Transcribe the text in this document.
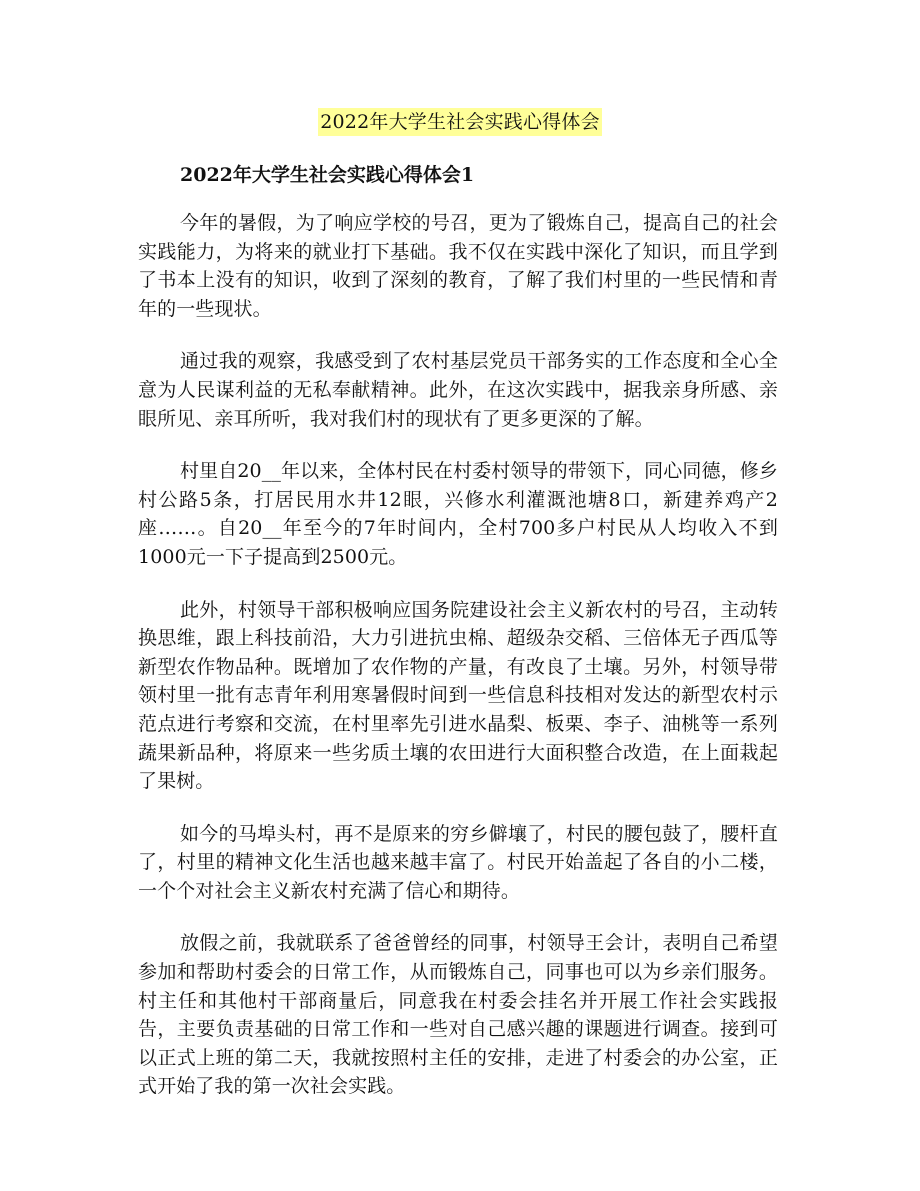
2022年大学生社会实践心得体会
2022年大学生社会实践心得体会1

今年的暑假，为了响应学校的号召，更为了锻炼自己，提高自己的社会实践能力，为将来的就业打下基础。我不仅在实践中深化了知识，而且学到了书本上没有的知识，收到了深刻的教育，了解了我们村里的一些民情和青年的一些现状。

通过我的观察，我感受到了农村基层党员干部务实的工作态度和全心全意为人民谋利益的无私奉献精神。此外，在这次实践中，据我亲身所感、亲眼所见、亲耳所听，我对我们村的现状有了更多更深的了解。

村里自20__年以来，全体村民在村委村领导的带领下，同心同德，修乡村公路5条，打居民用水井12眼，兴修水利灌溉池塘8口，新建养鸡产2座……。自20__年至今的7年时间内，全村700多户村民从人均收入不到1000元一下子提高到2500元。

此外，村领导干部积极响应国务院建设社会主义新农村的号召，主动转换思维，跟上科技前沿，大力引进抗虫棉、超级杂交稻、三倍体无子西瓜等新型农作物品种。既增加了农作物的产量，有改良了土壤。另外，村领导带领村里一批有志青年利用寒暑假时间到一些信息科技相对发达的新型农村示范点进行考察和交流，在村里率先引进水晶梨、板栗、李子、油桃等一系列蔬果新品种，将原来一些劣质土壤的农田进行大面积整合改造，在上面栽起了果树。

如今的马埠头村，再不是原来的穷乡僻壤了，村民的腰包鼓了，腰杆直了，村里的精神文化生活也越来越丰富了。村民开始盖起了各自的小二楼，一个个对社会主义新农村充满了信心和期待。

放假之前，我就联系了爸爸曾经的同事，村领导王会计，表明自己希望参加和帮助村委会的日常工作，从而锻炼自己，同事也可以为乡亲们服务。村主任和其他村干部商量后，同意我在村委会挂名并开展工作社会实践报告，主要负责基础的日常工作和一些对自己感兴趣的课题进行调查。接到可以正式上班的第二天，我就按照村主任的安排，走进了村委会的办公室，正式开始了我的第一次社会实践。
